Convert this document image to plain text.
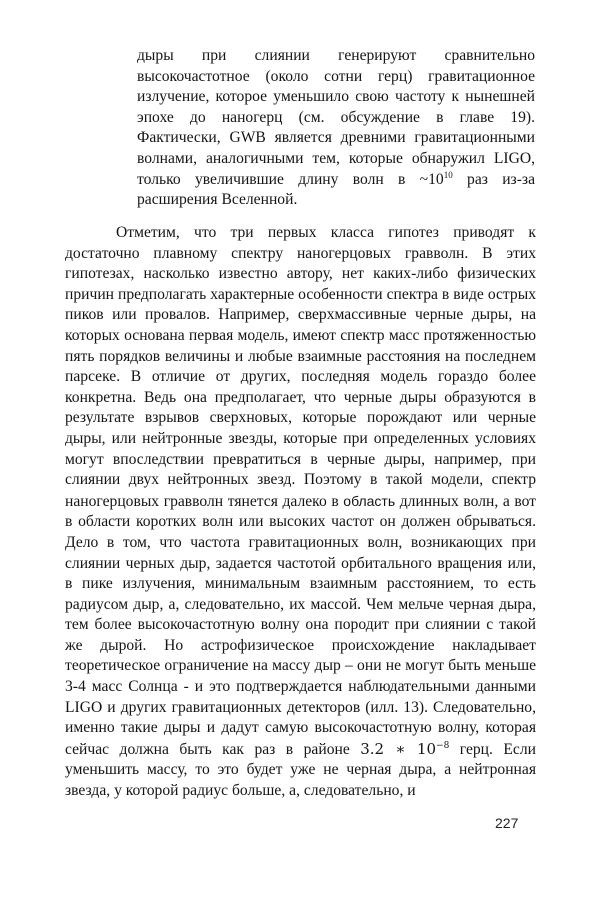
дыры при слиянии генерируют сравнительно высокочастотное (около сотни герц) гравитационное излучение, которое уменьшило свою частоту к нынешней эпохе до наногерц (см. обсуждение в главе 19). Фактически, GWB является древними гравитационными волнами, аналогичными тем, которые обнаружил LIGO, только увеличившие длину волн в $\sim 10^{10}$ раз из-за расширения Вселенной.
Отметим, что три первых класса гипотез приводят к достаточно плавному спектру наногерцовых гравволн. В этих гипотезах, насколько известно автору, нет каких-либо физических причин предполагать характерные особенности спектра в виде острых пиков или провалов. Например, сверхмассивные черные дыры, на которых основана первая модель, имеют спектр масс протяженностью пять порядков величины и любые взаимные расстояния на последнем парсеке. В отличие от других, последняя модель гораздо более конкретна. Ведь она предполагает, что черные дыры образуются в результате взрывов сверхновых, которые порождают или черные дыры, или нейтронные звезды, которые при определенных условиях могут впоследствии превратиться в черные дыры, например, при слиянии двух нейтронных звезд. Поэтому в такой модели, спектр наногерцовых гравволн тянется далеко в область длинных волн, а вот в области коротких волн или высоких частот он должен обрываться. Дело в том, что частота гравитационных волн, возникающих при слиянии черных дыр, задается частотой орбитального вращения или, в пике излучения, минимальным взаимным расстоянием, то есть радиусом дыр, а, следовательно, их массой. Чем мельче черная дыра, тем более высокочастотную волну она породит при слиянии с такой же дырой. Но астрофизическое происхождение накладывает теоретическое ограничение на массу дыр – они не могут быть меньше 3-4 масс Солнца - и это подтверждается наблюдательными данными LIGO и других гравитационных детекторов (илл. 13). Следовательно, именно такие дыры и дадут самую высокочастотную волну, которая сейчас должна быть как раз в районе 3.2 ∗ $10^{-8}$ герц. Если уменьшить массу, то это будет уже не черная дыра, а нейтронная звезда, у которой радиус больше, а, следовательно, и
227
